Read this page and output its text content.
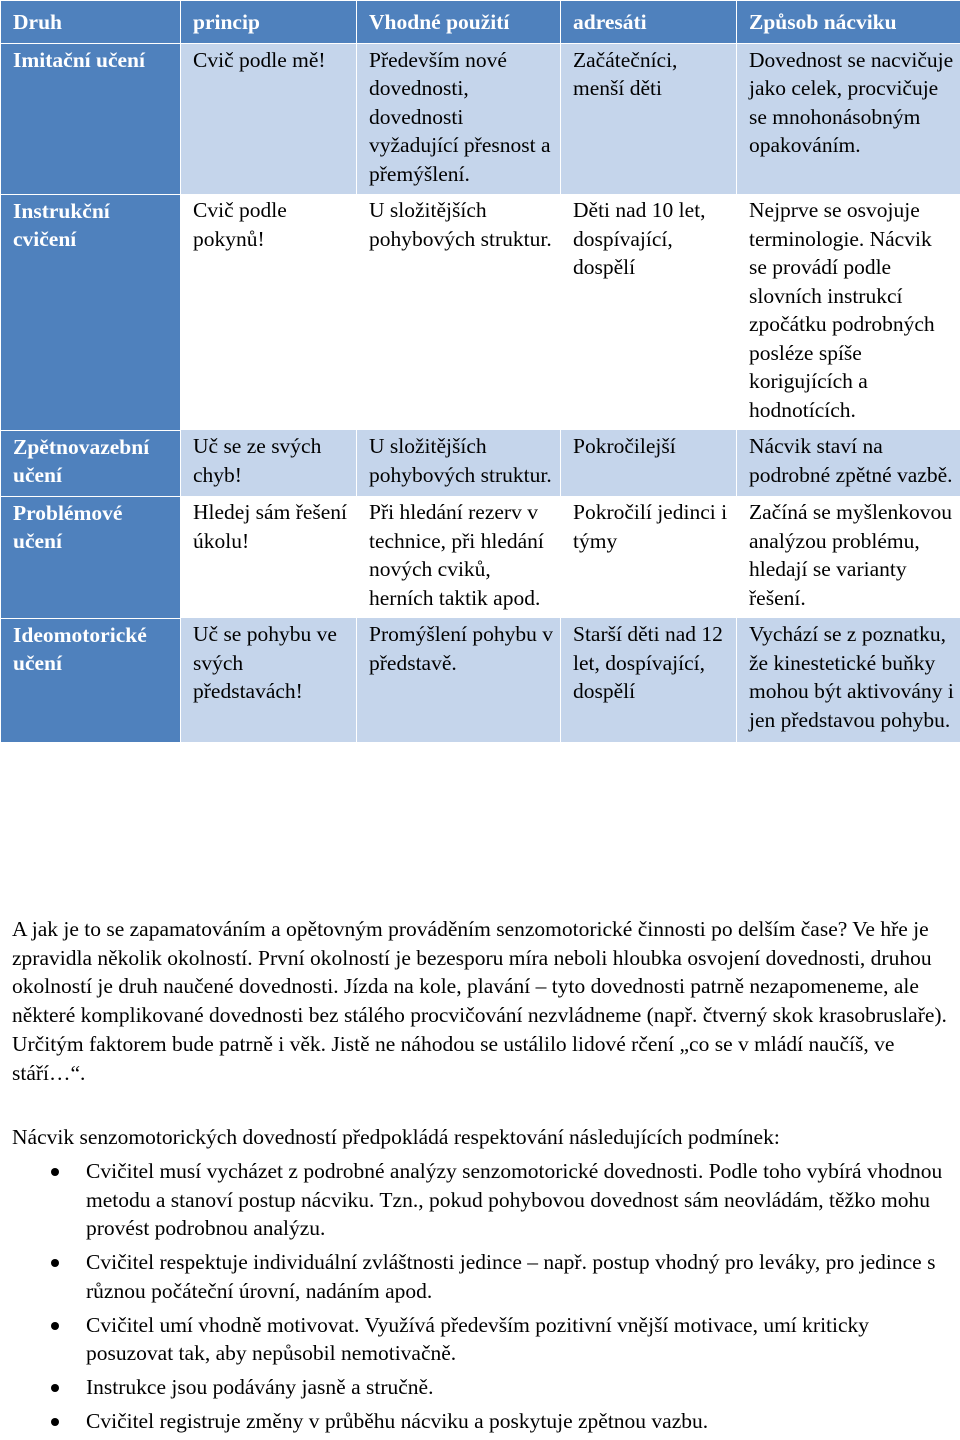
Druh	princip	Vhodné použití	adresáti	Způsob nácviku
Imitační učení	Cvič podle mě!	Především nové dovednosti, dovednosti vyžadující přesnost a přemýšlení.	Začátečníci, menší děti	Dovednost se nacvičuje jako celek, procvičuje se mnohonásobným opakováním.
Instrukční cvičení	Cvič podle pokynů!	U složitějších pohybových struktur.	Děti nad 10 let, dospívající, dospělí	Nejprve se osvojuje terminologie. Nácvik se provádí podle slovních instrukcí zpočátku podrobných posléze spíše korigujících a hodnotících.
Zpětnovazební učení	Uč se ze svých chyb!	U složitějších pohybových struktur.	Pokročilejší	Nácvik staví na podrobné zpětné vazbě.
Problémové učení	Hledej sám řešení úkolu!	Při hledání rezerv v technice, při hledání nových cviků, herních taktik apod.	Pokročilí jedinci i týmy	Začíná se myšlenkovou analýzou problému, hledají se varianty řešení.
Ideomotorické učení	Uč se pohybu ve svých představách!	Promýšlení pohybu v představě.	Starší děti nad 12 let, dospívající, dospělí	Vychází se z poznatku, že kinestetické buňky mohou být aktivovány i jen představou pohybu.

A jak je to se zapamatováním a opětovným prováděním senzomotorické činnosti po delším čase? Ve hře je zpravidla několik okolností. První okolností je bezesporu míra neboli hloubka osvojení dovednosti, druhou okolností je druh naučené dovednosti. Jízda na kole, plavání – tyto dovednosti patrně nezapomeneme, ale některé komplikované dovednosti bez stálého procvičování nezvládneme (např. čtverný skok krasobruslaře). Určitým faktorem bude patrně i věk. Jistě ne náhodou se ustálilo lidové rčení „co se v mládí naučíš, ve stáří…“.

Nácvik senzomotorických dovedností předpokládá respektování následujících podmínek:

Cvičitel musí vycházet z podrobné analýzy senzomotorické dovednosti. Podle toho vybírá vhodnou metodu a stanoví postup nácviku. Tzn., pokud pohybovou dovednost sám neovládám, těžko mohu provést podrobnou analýzu.
Cvičitel respektuje individuální zvláštnosti jedince – např. postup vhodný pro leváky, pro jedince s různou počáteční úrovní, nadáním apod.
Cvičitel umí vhodně motivovat. Využívá především pozitivní vnější motivace, umí kriticky posuzovat tak, aby nepůsobil nemotivačně.
Instrukce jsou podávány jasně a stručně.
Cvičitel registruje změny v průběhu nácviku a poskytuje zpětnou vazbu.
